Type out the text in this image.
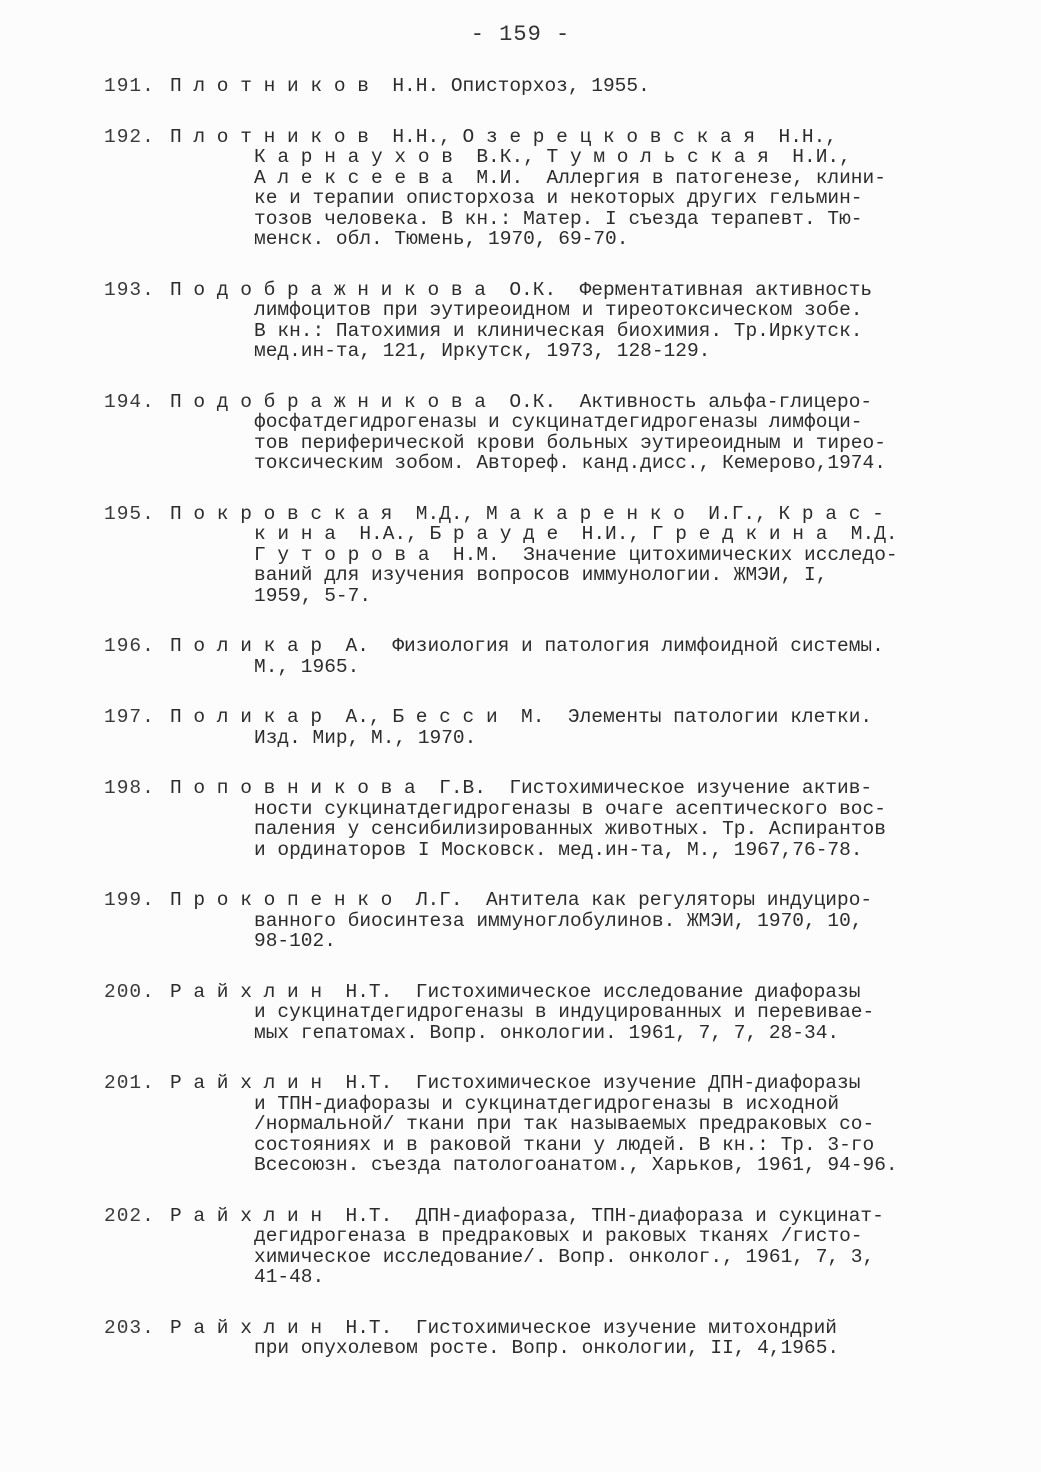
- 159 -
191. П л о т н и к о в  Н.Н. Описторхоз, 1955.
192. П л о т н и к о в  Н.Н., О з е р е ц к о в с к а я  Н.Н.,
К а р н а у х о в  В.К., Т у м о л ь с к а я  Н.И.,
А л е к с е е в а  М.И.  Аллергия в патогенезе, клини-
ке и терапии описторхоза и некоторых других гельмин-
тозов человека. В кн.: Матер. I съезда терапевт. Тю-
менск. обл. Тюмень, 1970, 69-70.
193. П о д о б р а ж н и к о в а  О.К.  Ферментативная активность
лимфоцитов при эутиреоидном и тиреотоксическом зобе.
В кн.: Патохимия и клиническая биохимия. Тр.Иркутск.
мед.ин-та, 121, Иркутск, 1973, 128-129.
194. П о д о б р а ж н и к о в а  О.К.  Активность альфа-глицеро-
фосфатдегидрогеназы и сукцинатдегидрогеназы лимфоци-
тов периферической крови больных эутиреоидным и тирео-
токсическим зобом. Автореф. канд.дисс., Кемерово,1974.
195. П о к р о в с к а я  М.Д., М а к а р е н к о  И.Г., К р а с -
к и н а  Н.А., Б р а у д е  Н.И., Г р е д к и н а  М.Д.
Г у т о р о в а  Н.М.  Значение цитохимических исследо-
ваний для изучения вопросов иммунологии. ЖМЭИ, I,
1959, 5-7.
196. П о л и к а р  А.  Физиология и патология лимфоидной системы.
М., 1965.
197. П о л и к а р  А., Б е с с и  М.  Элементы патологии клетки.
Изд. Мир, М., 1970.
198. П о п о в н и к о в а  Г.В.  Гистохимическое изучение актив-
ности сукцинатдегидрогеназы в очаге асептического вос-
паления у сенсибилизированных животных. Тр. Аспирантов
и ординаторов I Московск. мед.ин-та, М., 1967,76-78.
199. П р о к о п е н к о  Л.Г.  Антитела как регуляторы индуциро-
ванного биосинтеза иммуноглобулинов. ЖМЭИ, 1970, 10,
98-102.
200. Р а й х л и н  Н.Т.  Гистохимическое исследование диафоразы
и сукцинатдегидрогеназы в индуцированных и перевивае-
мых гепатомах. Вопр. онкологии. 1961, 7, 7, 28-34.
201. Р а й х л и н  Н.Т.  Гистохимическое изучение ДПН-диафоразы
и ТПН-диафоразы и сукцинатдегидрогеназы в исходной
/нормальной/ ткани при так называемых предраковых со-
состояниях и в раковой ткани у людей. В кн.: Тр. 3-го
Всесоюзн. съезда патологоанатом., Харьков, 1961, 94-96.
202. Р а й х л и н  Н.Т.  ДПН-диафораза, ТПН-диафораза и сукцинат-
дегидрогеназа в предраковых и раковых тканях /гисто-
химическое исследование/. Вопр. онколог., 1961, 7, 3,
41-48.
203. Р а й х л и н  Н.Т.  Гистохимическое изучение митохондрий
при опухолевом росте. Вопр. онкологии, II, 4,1965.
